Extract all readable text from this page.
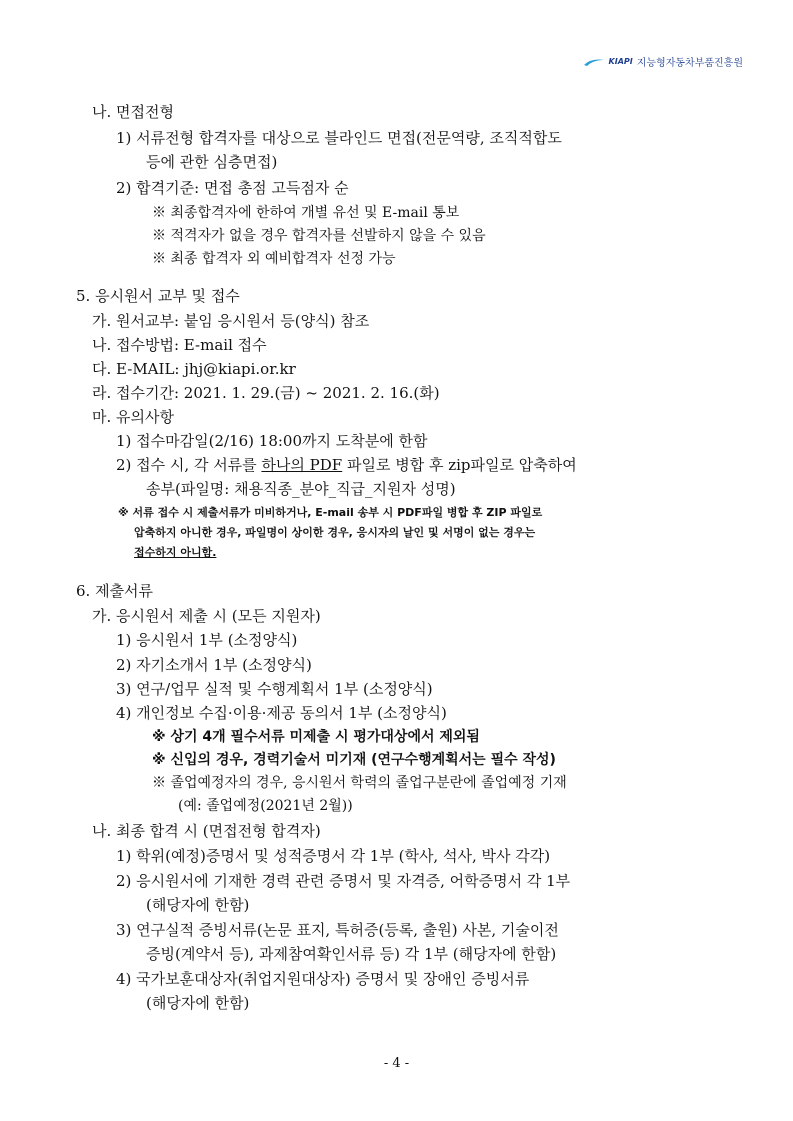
KIAPI 지능형자동차부품진흥원
나. 면접전형
1) 서류전형 합격자를 대상으로 블라인드 면접(전문역량, 조직적합도
등에 관한 심층면접)
2) 합격기준: 면접 총점 고득점자 순
※ 최종합격자에 한하여 개별 유선 및 E-mail 통보
※ 적격자가 없을 경우 합격자를 선발하지 않을 수 있음
※ 최종 합격자 외 예비합격자 선정 가능
5. 응시원서 교부 및 접수
가. 원서교부: 붙임 응시원서 등(양식) 참조
나. 접수방법: E-mail 접수
다. E-MAIL: jhj@kiapi.or.kr
라. 접수기간: 2021. 1. 29.(금) ~ 2021. 2. 16.(화)
마. 유의사항
1) 접수마감일(2/16) 18:00까지 도착분에 한함
2) 접수 시, 각 서류를 하나의 PDF 파일로 병합 후 zip파일로 압축하여
송부(파일명: 채용직종_분야_직급_지원자 성명)
※ 서류 접수 시 제출서류가 미비하거나, E-mail 송부 시 PDF파일 병합 후 ZIP 파일로
압축하지 아니한 경우, 파일명이 상이한 경우, 응시자의 날인 및 서명이 없는 경우는
접수하지 아니함.
6. 제출서류
가. 응시원서 제출 시 (모든 지원자)
1) 응시원서 1부 (소정양식)
2) 자기소개서 1부 (소정양식)
3) 연구/업무 실적 및 수행계획서 1부 (소정양식)
4) 개인정보 수집·이용·제공 동의서 1부 (소정양식)
※ 상기 4개 필수서류 미제출 시 평가대상에서 제외됨
※ 신입의 경우, 경력기술서 미기재 (연구수행계획서는 필수 작성)
※ 졸업예정자의 경우, 응시원서 학력의 졸업구분란에 졸업예정 기재
(예: 졸업예정(2021년 2월))
나. 최종 합격 시 (면접전형 합격자)
1) 학위(예정)증명서 및 성적증명서 각 1부 (학사, 석사, 박사 각각)
2) 응시원서에 기재한 경력 관련 증명서 및 자격증, 어학증명서 각 1부
(해당자에 한함)
3) 연구실적 증빙서류(논문 표지, 특허증(등록, 출원) 사본, 기술이전
증빙(계약서 등), 과제참여확인서류 등) 각 1부 (해당자에 한함)
4) 국가보훈대상자(취업지원대상자) 증명서 및 장애인 증빙서류
(해당자에 한함)
- 4 -
